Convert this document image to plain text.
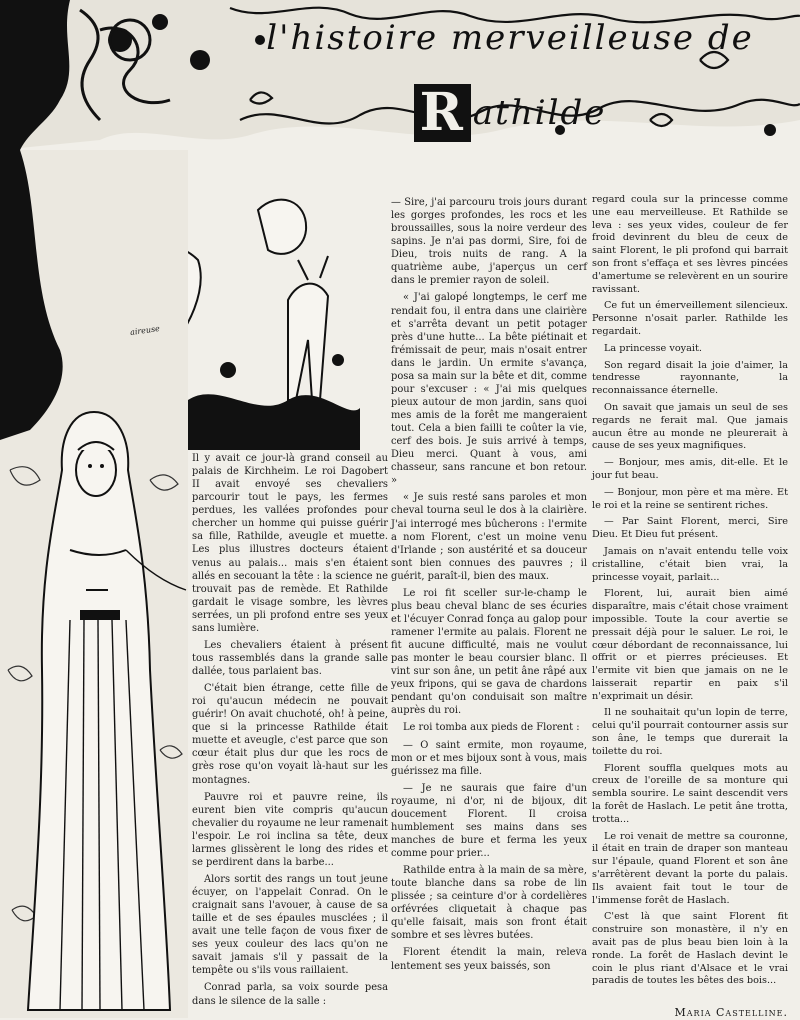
l'histoire merveilleuse de
R athilde
aireuse

Il y avait ce jour-là grand conseil au palais de Kirchheim. Le roi Dagobert II avait envoyé ses chevaliers parcourir tout le pays, les fermes perdues, les vallées profondes pour chercher un homme qui puisse guérir sa fille, Rathilde, aveugle et muette. Les plus illustres docteurs étaient venus au palais... mais s'en étaient allés en secouant la tête : la science ne trouvait pas de remède. Et Rathilde gardait le visage sombre, les lèvres serrées, un pli profond entre ses yeux sans lumière.

Les chevaliers étaient à présent tous rassemblés dans la grande salle dallée, tous parlaient bas.

C'était bien étrange, cette fille de roi qu'aucun médecin ne pouvait guérir! On avait chuchoté, oh! à peine, que si la princesse Rathilde était muette et aveugle, c'est parce que son cœur était plus dur que les rocs de grès rose qu'on voyait là-haut sur les montagnes.

Pauvre roi et pauvre reine, ils eurent bien vite compris qu'aucun chevalier du royaume ne leur ramenait l'espoir. Le roi inclina sa tête, deux larmes glissèrent le long des rides et se perdirent dans la barbe...

Alors sortit des rangs un tout jeune écuyer, on l'appelait Conrad. On le craignait sans l'avouer, à cause de sa taille et de ses épaules musclées ; il avait une telle façon de vous fixer de ses yeux couleur des lacs qu'on ne savait jamais s'il y passait de la tempête ou s'ils vous raillaient.

Conrad parla, sa voix sourde pesa dans le silence de la salle :

— Sire, j'ai parcouru trois jours durant les gorges profondes, les rocs et les broussailles, sous la noire verdeur des sapins. Je n'ai pas dormi, Sire, foi de Dieu, trois nuits de rang. A la quatrième aube, j'aperçus un cerf dans le premier rayon de soleil.

« J'ai galopé longtemps, le cerf me rendait fou, il entra dans une clairière et s'arrêta devant un petit potager près d'une hutte... La bête piétinait et frémissait de peur, mais n'osait entrer dans le jardin. Un ermite s'avança, posa sa main sur la bête et dit, comme pour s'excuser : « J'ai mis quelques pieux autour de mon jardin, sans quoi mes amis de la forêt me mangeraient tout. Cela a bien failli te coûter la vie, cerf des bois. Je suis arrivé à temps, Dieu merci. Quant à vous, ami chasseur, sans rancune et bon retour. »

« Je suis resté sans paroles et mon cheval tourna seul le dos à la clairière. J'ai interrogé mes bûcherons : l'ermite a nom Florent, c'est un moine venu d'Irlande ; son austérité et sa douceur sont bien connues des pauvres ; il guérit, paraît-il, bien des maux.

Le roi fit sceller sur-le-champ le plus beau cheval blanc de ses écuries et l'écuyer Conrad fonça au galop pour ramener l'ermite au palais. Florent ne fit aucune difficulté, mais ne voulut pas monter le beau coursier blanc. Il vint sur son âne, un petit âne râpé aux yeux fripons, qui se gava de chardons pendant qu'on conduisait son maître auprès du roi.

Le roi tomba aux pieds de Florent :

— O saint ermite, mon royaume, mon or et mes bijoux sont à vous, mais guérissez ma fille.

— Je ne saurais que faire d'un royaume, ni d'or, ni de bijoux, dit doucement Florent. Il croisa humblement ses mains dans ses manches de bure et ferma les yeux comme pour prier...

Rathilde entra à la main de sa mère, toute blanche dans sa robe de lin plissée ; sa ceinture d'or à cordelières orfévrées cliquetait à chaque pas qu'elle faisait, mais son front était sombre et ses lèvres butées.

Florent étendit la main, releva lentement ses yeux baissés, son

regard coula sur la princesse comme une eau merveilleuse. Et Rathilde se leva : ses yeux vides, couleur de fer froid devinrent du bleu de ceux de saint Florent, le pli profond qui barrait son front s'effaça et ses lèvres pincées d'amertume se relevèrent en un sourire ravissant.

Ce fut un émerveillement silencieux. Personne n'osait parler. Rathilde les regardait.

La princesse voyait.

Son regard disait la joie d'aimer, la tendresse rayonnante, la reconnaissance éternelle.

On savait que jamais un seul de ses regards ne ferait mal. Que jamais aucun être au monde ne pleurerait à cause de ses yeux magnifiques.

— Bonjour, mes amis, dit-elle. Et le jour fut beau.

— Bonjour, mon père et ma mère. Et le roi et la reine se sentirent riches.

— Par Saint Florent, merci, Sire Dieu. Et Dieu fut présent.

Jamais on n'avait entendu telle voix cristalline, c'était bien vrai, la princesse voyait, parlait...

Florent, lui, aurait bien aimé disparaître, mais c'était chose vraiment impossible. Toute la cour avertie se pressait déjà pour le saluer. Le roi, le cœur débordant de reconnaissance, lui offrit or et pierres précieuses. Et l'ermite vit bien que jamais on ne le laisserait repartir en paix s'il n'exprimait un désir.

Il ne souhaitait qu'un lopin de terre, celui qu'il pourrait contourner assis sur son âne, le temps que durerait la toilette du roi.

Florent souffla quelques mots au creux de l'oreille de sa monture qui sembla sourire. Le saint descendit vers la forêt de Haslach. Le petit âne trotta, trotta...

Le roi venait de mettre sa couronne, il était en train de draper son manteau sur l'épaule, quand Florent et son âne s'arrêtèrent devant la porte du palais. Ils avaient fait tout le tour de l'immense forêt de Haslach.

C'est là que saint Florent fit construire son monastère, il n'y en avait pas de plus beau bien loin à la ronde. La forêt de Haslach devint le coin le plus riant d'Alsace et le vrai paradis de toutes les bêtes des bois...

Maria Castelline.
